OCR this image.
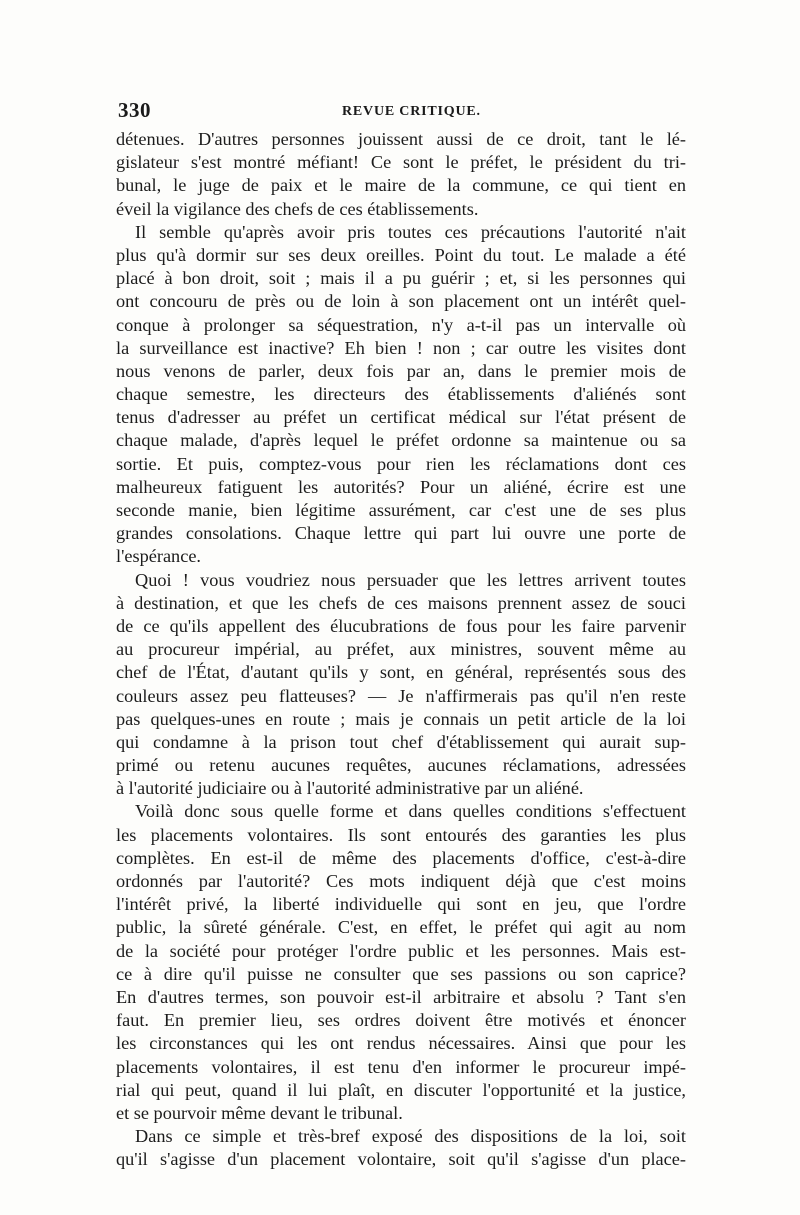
330	REVUE CRITIQUE.
détenues. D'autres personnes jouissent aussi de ce droit, tant le lé-
gislateur s'est montré méfiant! Ce sont le préfet, le président du tri-
bunal, le juge de paix et le maire de la commune, ce qui tient en
éveil la vigilance des chefs de ces établissements.
Il semble qu'après avoir pris toutes ces précautions l'autorité n'ait
plus qu'à dormir sur ses deux oreilles. Point du tout. Le malade a été
placé à bon droit, soit ; mais il a pu guérir ; et, si les personnes qui
ont concouru de près ou de loin à son placement ont un intérêt quel-
conque à prolonger sa séquestration, n'y a-t-il pas un intervalle où
la surveillance est inactive? Eh bien ! non ; car outre les visites dont
nous venons de parler, deux fois par an, dans le premier mois de
chaque semestre, les directeurs des établissements d'aliénés sont
tenus d'adresser au préfet un certificat médical sur l'état présent de
chaque malade, d'après lequel le préfet ordonne sa maintenue ou sa
sortie. Et puis, comptez-vous pour rien les réclamations dont ces
malheureux fatiguent les autorités? Pour un aliéné, écrire est une
seconde manie, bien légitime assurément, car c'est une de ses plus
grandes consolations. Chaque lettre qui part lui ouvre une porte de
l'espérance.
Quoi ! vous voudriez nous persuader que les lettres arrivent toutes
à destination, et que les chefs de ces maisons prennent assez de souci
de ce qu'ils appellent des élucubrations de fous pour les faire parvenir
au procureur impérial, au préfet, aux ministres, souvent même au
chef de l'État, d'autant qu'ils y sont, en général, représentés sous des
couleurs assez peu flatteuses? — Je n'affirmerais pas qu'il n'en reste
pas quelques-unes en route ; mais je connais un petit article de la loi
qui condamne à la prison tout chef d'établissement qui aurait sup-
primé ou retenu aucunes requêtes, aucunes réclamations, adressées
à l'autorité judiciaire ou à l'autorité administrative par un aliéné.
Voilà donc sous quelle forme et dans quelles conditions s'effectuent
les placements volontaires. Ils sont entourés des garanties les plus
complètes. En est-il de même des placements d'office, c'est-à-dire
ordonnés par l'autorité? Ces mots indiquent déjà que c'est moins
l'intérêt privé, la liberté individuelle qui sont en jeu, que l'ordre
public, la sûreté générale. C'est, en effet, le préfet qui agit au nom
de la société pour protéger l'ordre public et les personnes. Mais est-
ce à dire qu'il puisse ne consulter que ses passions ou son caprice?
En d'autres termes, son pouvoir est-il arbitraire et absolu ? Tant s'en
faut. En premier lieu, ses ordres doivent être motivés et énoncer
les circonstances qui les ont rendus nécessaires. Ainsi que pour les
placements volontaires, il est tenu d'en informer le procureur impé-
rial qui peut, quand il lui plaît, en discuter l'opportunité et la justice,
et se pourvoir même devant le tribunal.
Dans ce simple et très-bref exposé des dispositions de la loi, soit
qu'il s'agisse d'un placement volontaire, soit qu'il s'agisse d'un place-
